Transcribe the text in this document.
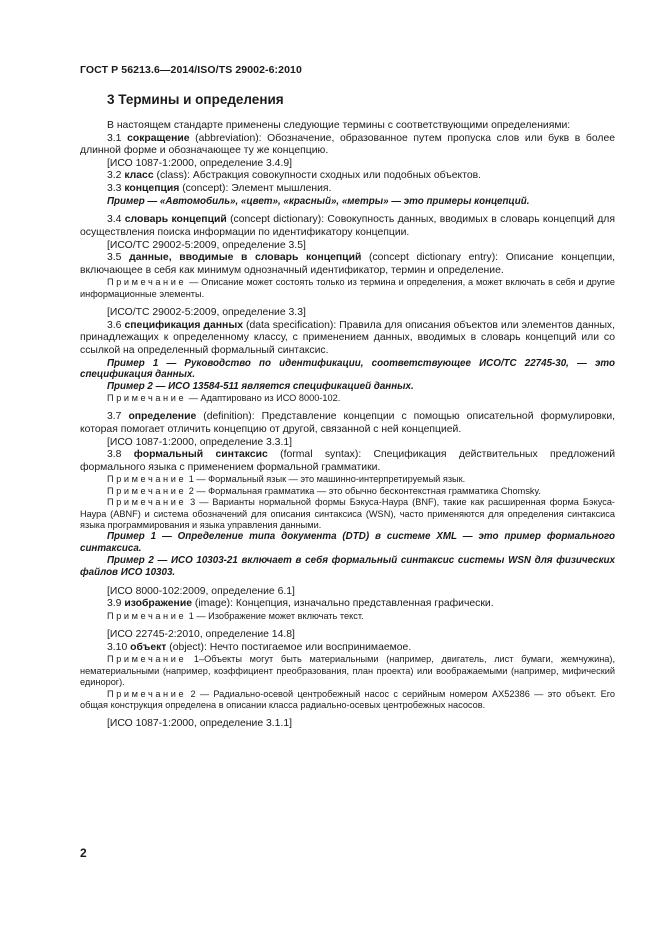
ГОСТ Р 56213.6—2014/ISO/TS 29002-6:2010
3 Термины и определения

В настоящем стандарте применены следующие термины с соответствующими определениями:

3.1 сокращение (abbreviation): Обозначение, образованное путем пропуска слов или букв в более длинной форме и обозначающее ту же концепцию.

[ИСО 1087-1:2000, определение 3.4.9]

3.2 класс (class): Абстракция совокупности сходных или подобных объектов.

3.3 концепция (concept): Элемент мышления.

Пример — «Автомобиль», «цвет», «красный», «метры» — это примеры концепций.

3.4 словарь концепций (concept dictionary): Совокупность данных, вводимых в словарь концепций для осуществления поиска информации по идентификатору концепции.

[ИСО/ТС 29002-5:2009, определение 3.5]

3.5 данные, вводимые в словарь концепций (concept dictionary entry): Описание концепции, включающее в себя как минимум однозначный идентификатор, термин и определение.

Примечание — Описание может состоять только из термина и определения, а может включать в себя и другие информационные элементы.

[ИСО/ТС 29002-5:2009, определение 3.3]

3.6 спецификация данных (data specification): Правила для описания объектов или элементов данных, принадлежащих к определенному классу, с применением данных, вводимых в словарь концепций или со ссылкой на определенный формальный синтаксис.

Пример 1 — Руководство по идентификации, соответствующее ИСО/ТС 22745-30, — это спецификация данных.

Пример 2 — ИСО 13584-511 является спецификацией данных.

Примечание — Адаптировано из ИСО 8000-102.

3.7 определение (definition): Представление концепции с помощью описательной формулировки, которая помогает отличить концепцию от другой, связанной с ней концепцией.

[ИСО 1087-1:2000, определение 3.3.1]

3.8 формальный синтаксис (formal syntax): Спецификация действительных предложений формального языка с применением формальной грамматики.

Примечание 1 — Формальный язык — это машинно-интерпретируемый язык.

Примечание 2 — Формальная грамматика — это обычно бесконтекстная грамматика Chomsky.

Примечание 3 — Варианты нормальной формы Бэкуса-Наура (BNF), такие как расширенная форма Бэкуса-Наура (ABNF) и система обозначений для описания синтаксиса (WSN), часто применяются для определения синтаксиса языка программирования и языка управления данными.

Пример 1 — Определение типа документа (DTD) в системе XML — это пример формального синтаксиса.

Пример 2 — ИСО 10303-21 включает в себя формальный синтаксис системы WSN для физических файлов ИСО 10303.

[ИСО 8000-102:2009, определение 6.1]

3.9 изображение (image): Концепция, изначально представленная графически.

Примечание 1 — Изображение может включать текст.

[ИСО 22745-2:2010, определение 14.8]

3.10 объект (object): Нечто постигаемое или воспринимаемое.

Примечание 1–Объекты могут быть материальными (например, двигатель, лист бумаги, жемчужина), нематериальными (например, коэффициент преобразования, план проекта) или воображаемыми (например, мифический единорог).

Примечание 2 — Радиально-осевой центробежный насос с серийным номером AX52386 — это объект. Его общая конструкция определена в описании класса радиально-осевых центробежных насосов.

[ИСО 1087-1:2000, определение 3.1.1]

2
